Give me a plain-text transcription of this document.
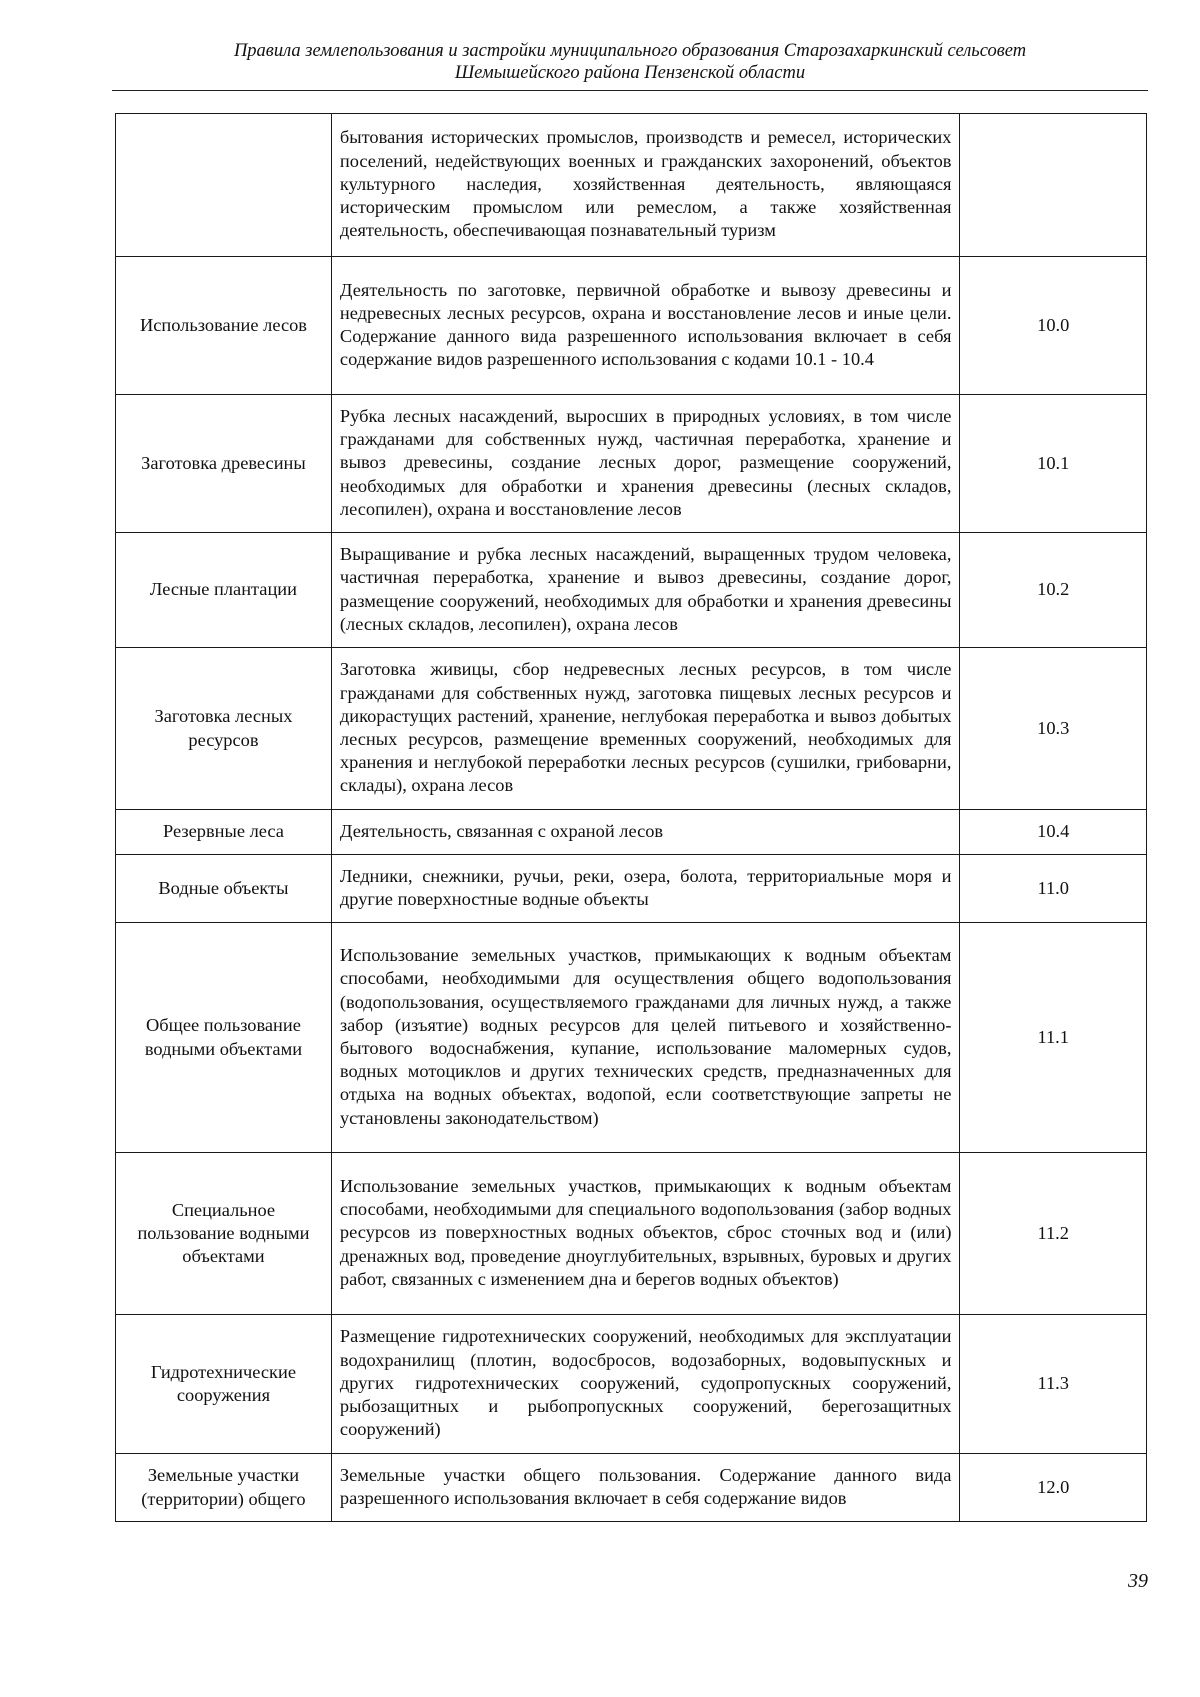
Правила землепользования и застройки муниципального образования Старозахаркинский сельсовет
Шемышейского района Пензенской области
	бытования исторических промыслов, производств и ремесел, исторических поселений, недействующих военных и гражданских захоронений, объектов культурного наследия, хозяйственная деятельность, являющаяся историческим промыслом или ремеслом, а также хозяйственная деятельность, обеспечивающая познавательный туризм	
Использование лесов	Деятельность по заготовке, первичной обработке и вывозу древесины и недревесных лесных ресурсов, охрана и восстановление лесов и иные цели. Содержание данного вида разрешенного использования включает в себя содержание видов разрешенного использования с кодами 10.1 - 10.4	10.0
Заготовка древесины	Рубка лесных насаждений, выросших в природных условиях, в том числе гражданами для собственных нужд, частичная переработка, хранение и вывоз древесины, создание лесных дорог, размещение сооружений, необходимых для обработки и хранения древесины (лесных складов, лесопилен), охрана и восстановление лесов	10.1
Лесные плантации	Выращивание и рубка лесных насаждений, выращенных трудом человека, частичная переработка, хранение и вывоз древесины, создание дорог, размещение сооружений, необходимых для обработки и хранения древесины (лесных складов, лесопилен), охрана лесов	10.2
Заготовка лесных ресурсов	Заготовка живицы, сбор недревесных лесных ресурсов, в том числе гражданами для собственных нужд, заготовка пищевых лесных ресурсов и дикорастущих растений, хранение, неглубокая переработка и вывоз добытых лесных ресурсов, размещение временных сооружений, необходимых для хранения и неглубокой переработки лесных ресурсов (сушилки, грибоварни, склады), охрана лесов	10.3
Резервные леса	Деятельность, связанная с охраной лесов	10.4
Водные объекты	Ледники, снежники, ручьи, реки, озера, болота, территориальные моря и другие поверхностные водные объекты	11.0
Общее пользование водными объектами	Использование земельных участков, примыкающих к водным объектам способами, необходимыми для осуществления общего водопользования (водопользования, осуществляемого гражданами для личных нужд, а также забор (изъятие) водных ресурсов для целей питьевого и хозяйственно-бытового водоснабжения, купание, использование маломерных судов, водных мотоциклов и других технических средств, предназначенных для отдыха на водных объектах, водопой, если соответствующие запреты не установлены законодательством)	11.1
Специальное пользование водными объектами	Использование земельных участков, примыкающих к водным объектам способами, необходимыми для специального водопользования (забор водных ресурсов из поверхностных водных объектов, сброс сточных вод и (или) дренажных вод, проведение дноуглубительных, взрывных, буровых и других работ, связанных с изменением дна и берегов водных объектов)	11.2
Гидротехнические сооружения	Размещение гидротехнических сооружений, необходимых для эксплуатации водохранилищ (плотин, водосбросов, водозаборных, водовыпускных и других гидротехнических сооружений, судопропускных сооружений, рыбозащитных и рыбопропускных сооружений, берегозащитных сооружений)	11.3
Земельные участки (территории) общего	Земельные участки общего пользования. Содержание данного вида разрешенного использования включает в себя содержание видов	12.0
39
